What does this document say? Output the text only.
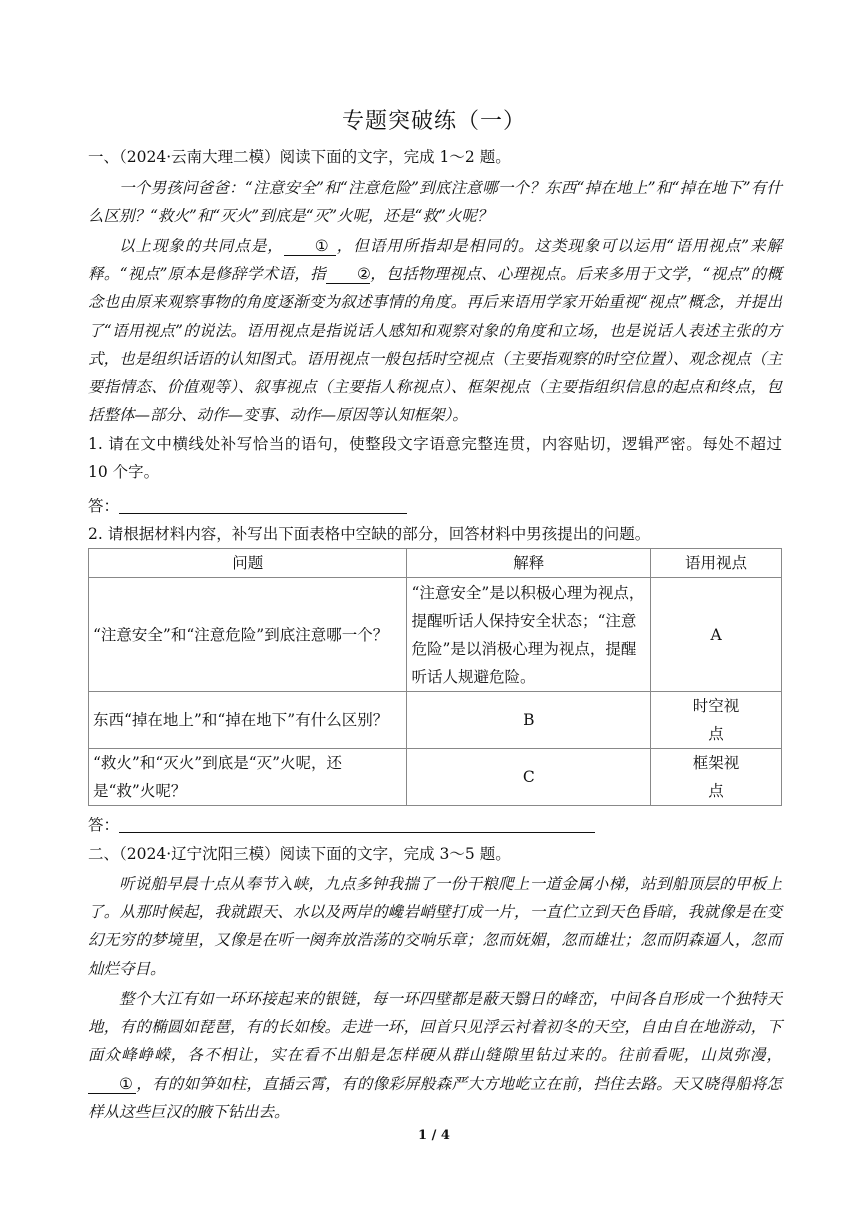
专题突破练（一）
一、（2024·云南大理二模）阅读下面的文字，完成 1～2 题。
一个男孩问爸爸：“注意安全”和“注意危险”到底注意哪一个？东西“掉在地上”和“掉在地下”有什么区别？“救火”和“灭火”到底是“灭”火呢，还是“救”火呢？
以上现象的共同点是， ① ，但语用所指却是相同的。这类现象可以运用“语用视点”来解释。“视点”原本是修辞学术语，指 ②，包括物理视点、心理视点。后来多用于文学，“视点”的概念也由原来观察事物的角度逐渐变为叙述事情的角度。再后来语用学家开始重视“视点”概念，并提出了“语用视点”的说法。语用视点是指说话人感知和观察对象的角度和立场，也是说话人表述主张的方式，也是组织话语的认知图式。语用视点一般包括时空视点（主要指观察的时空位置）、观念视点（主要指情态、价值观等）、叙事视点（主要指人称视点）、框架视点（主要指组织信息的起点和终点，包括整体—部分、动作—变事、动作—原因等认知框架）。
1. 请在文中横线处补写恰当的语句，使整段文字语意完整连贯，内容贴切，逻辑严密。每处不超过 10 个字。
答：
2. 请根据材料内容，补写出下面表格中空缺的部分，回答材料中男孩提出的问题。
问题	解释	语用视点
“注意安全”和“注意危险”到底注意哪一个？	“注意安全”是以积极心理为视点，提醒听话人保持安全状态；“注意危险”是以消极心理为视点，提醒听话人规避危险。	A
东西“掉在地上”和“掉在地下”有什么区别？	B	时空视点
“救火”和“灭火”到底是“灭”火呢，还是“救”火呢？	C	框架视点
答：
二、（2024·辽宁沈阳三模）阅读下面的文字，完成 3～5 题。
听说船早晨十点从奉节入峡，九点多钟我揣了一份干粮爬上一道金属小梯，站到船顶层的甲板上了。从那时候起，我就跟天、水以及两岸的巉岩峭壁打成一片，一直伫立到天色昏暗，我就像是在变幻无穷的梦境里，又像是在听一阕奔放浩荡的交响乐章；忽而妩媚，忽而雄壮；忽而阴森逼人，忽而灿烂夺目。
整个大江有如一环环接起来的银链，每一环四壁都是蔽天翳日的峰峦，中间各自形成一个独特天地，有的椭圆如琵琶，有的长如梭。走进一环，回首只见浮云衬着初冬的天空，自由自在地游动，下面众峰峥嵘，各不相让，实在看不出船是怎样硬从群山缝隙里钻过来的。往前看呢，山岚弥漫，① ，有的如笋如柱，直插云霄，有的像彩屏般森严大方地屹立在前，挡住去路。天又晓得船将怎样从这些巨汉的腋下钻出去。
1 / 4
